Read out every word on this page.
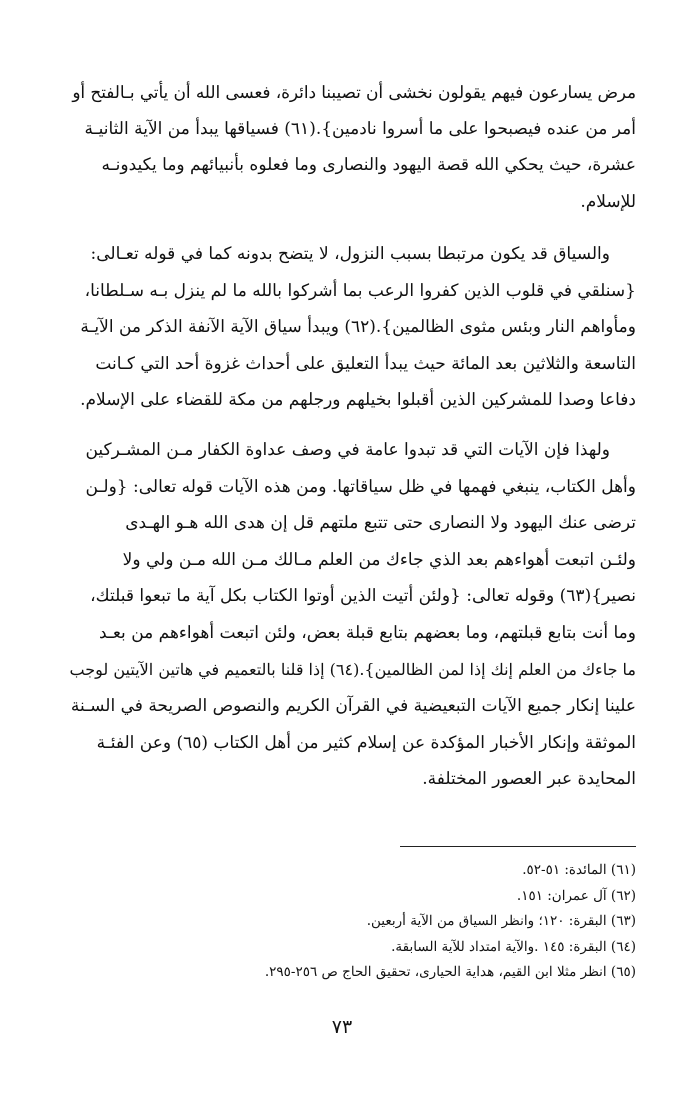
مرض يسارعون فيهم يقولون نخشى أن تصيبنا دائرة، فعسى الله أن يأتي بـالفتح أو
أمر من عنده فيصبحوا على ما أسروا نادمين}.(٦١) فسياقها يبدأ من الآية الثانيـة
عشرة، حيث يحكي الله قصة اليهود والنصارى وما فعلوه بأنبيائهم وما يكيدونـه
للإسلام.
والسياق قد يكون مرتبطا بسبب النزول، لا يتضح بدونه كما في قوله تعـالى:
{سنلقي في قلوب الذين كفروا الرعب بما أشركوا بالله ما لم ينزل بـه سـلطانا،
ومأواهم النار وبئس مثوى الظالمين}.(٦٢) ويبدأ سياق الآية الآنفة الذكر من الآيـة
التاسعة والثلاثين بعد المائة حيث يبدأ التعليق على أحداث غزوة أحد التي كـانت
دفاعا وصدا للمشركين الذين أقبلوا بخيلهم ورجلهم من مكة للقضاء على الإسلام.
ولهذا فإن الآيات التي قد تبدوا عامة في وصف عداوة الكفار مـن المشـركين
وأهل الكتاب، ينبغي فهمها في ظل سياقاتها. ومن هذه الآيات قوله تعالى: {ولـن
ترضى عنك اليهود ولا النصارى حتى تتبع ملتهم قل إن هدى الله هـو الهـدى
ولئـن اتبعت أهواءهم بعد الذي جاءك من العلم مـالك مـن الله مـن ولي ولا
نصير}(٦٣) وقوله تعالى: {ولئن أتيت الذين أوتوا الكتاب بكل آية ما تبعوا قبلتك،
وما أنت بتابع قبلتهم، وما بعضهم بتابع قبلة بعض، ولئن اتبعت أهواءهم من بعـد
ما جاءك من العلم إنك إذا لمن الظالمين}.(٦٤) إذا قلنا بالتعميم في هاتين الآيتين لوجب
علينا إنكار جميع الآيات التبعيضية في القرآن الكريم والنصوص الصريحة في السـنة
الموثقة وإنكار الأخبار المؤكدة عن إسلام كثير من أهل الكتاب (٦٥) وعن الفئـة
المحايدة عبر العصور المختلفة.
(٦١) المائدة: ٥١-٥٢.
(٦٢) آل عمران: ١٥١.
(٦٣) البقرة: ١٢٠؛ وانظر السياق من الآية أربعين.
(٦٤) البقرة: ١٤٥ .والآية امتداد للآية السابقة.
(٦٥) انظر مثلا ابن القيم، هداية الحيارى، تحقيق الحاج ص ٢٥٦-٢٩٥.
٧٣
